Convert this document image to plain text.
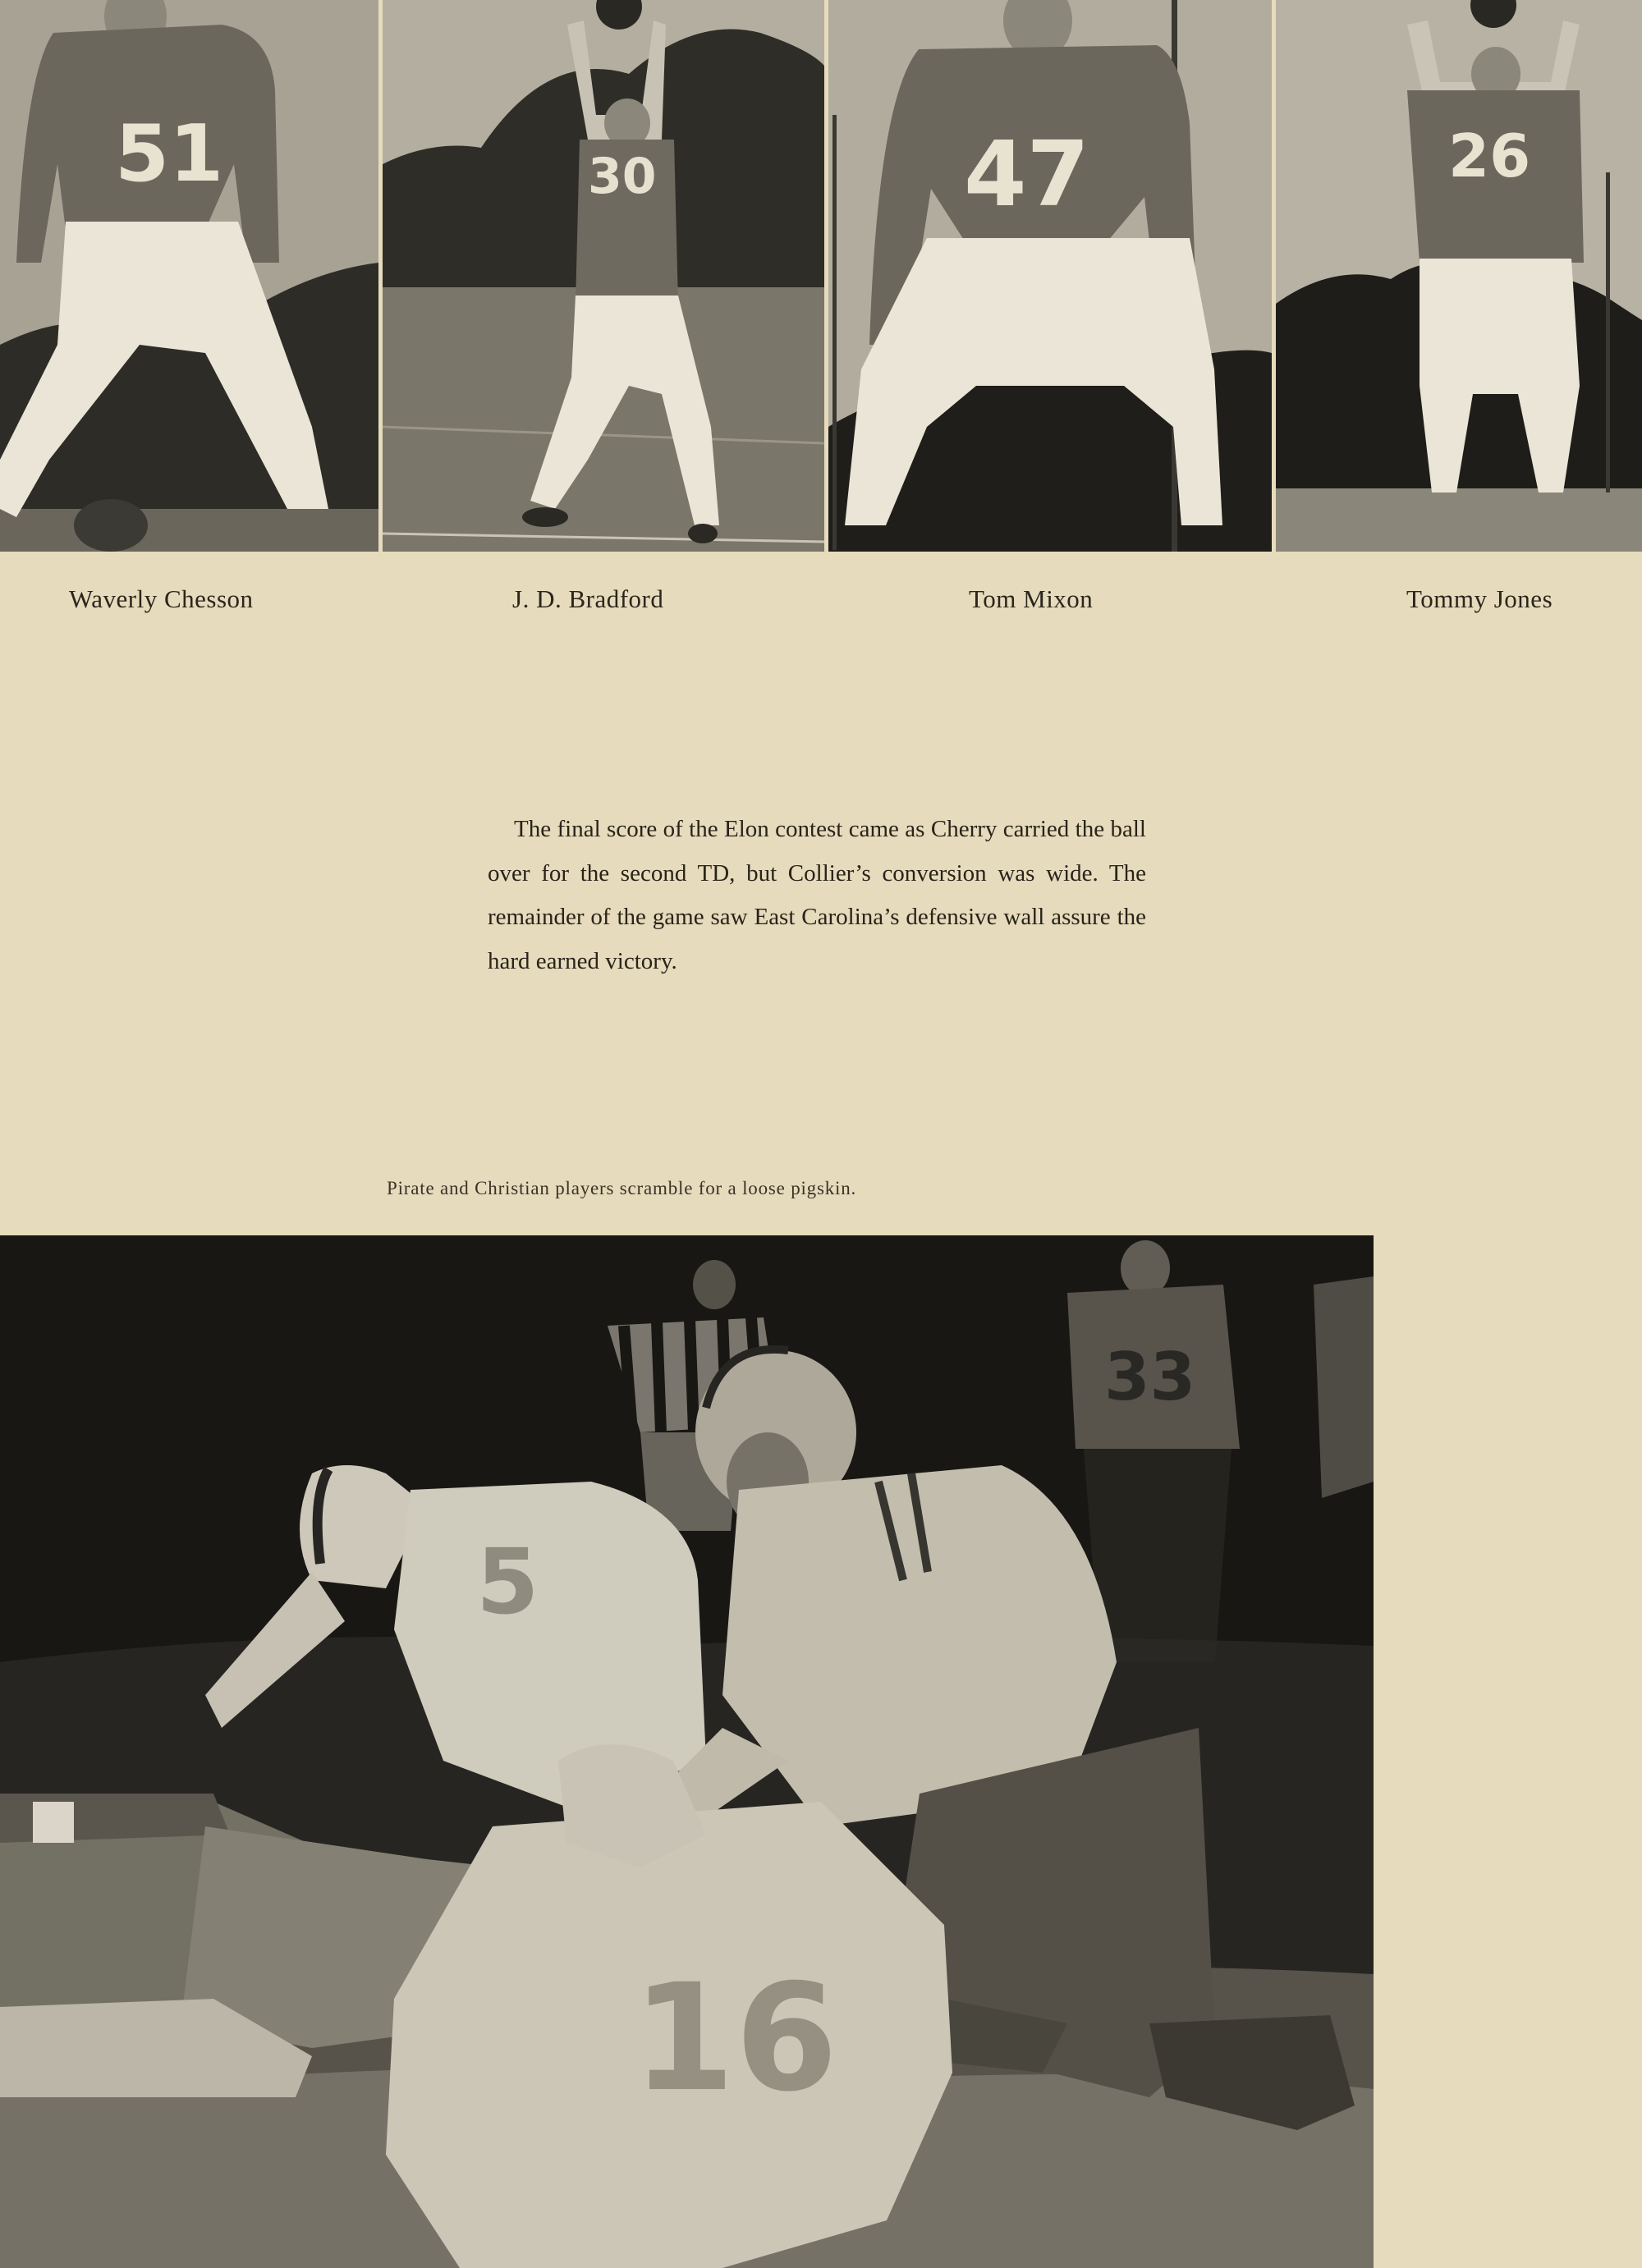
51	30	47	26
Waverly Chesson	J. D. Bradford	Tom Mixon	Tommy Jones
The final score of the Elon contest came as Cherry carried the ball over for the second TD, but Collier’s conversion was wide. The remainder of the game saw East Carolina’s defensive wall assure the hard earned victory.
Pirate and Christian players scramble for a loose pigskin.
33
5
16
